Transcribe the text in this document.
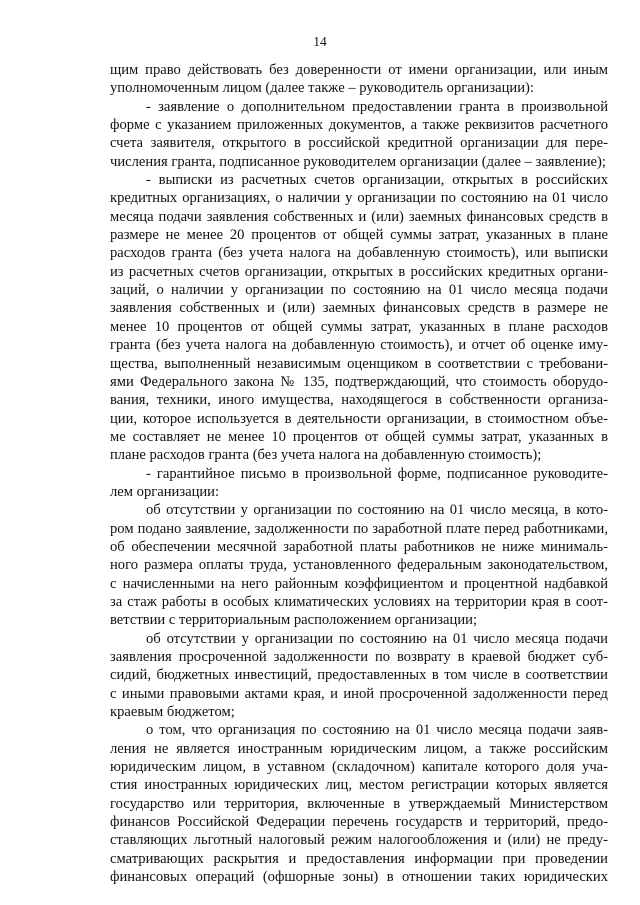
14
щим право действовать без доверенности от имени организации, или иным
уполномоченным лицом (далее также – руководитель организации):
- заявление о дополнительном предоставлении гранта в произвольной
форме с указанием приложенных документов, а также реквизитов расчетного
счета заявителя, открытого в российской кредитной организации для пере-
числения гранта, подписанное руководителем организации (далее – заявление);
- выписки из расчетных счетов организации, открытых в российских
кредитных организациях, о наличии у организации по состоянию на 01 число
месяца подачи заявления собственных и (или) заемных финансовых средств в
размере не менее 20 процентов от общей суммы затрат, указанных в плане
расходов гранта (без учета налога на добавленную стоимость), или выписки
из расчетных счетов организации, открытых в российских кредитных органи-
заций, о наличии у организации по состоянию на 01 число месяца подачи
заявления собственных и (или) заемных финансовых средств в размере не
менее 10 процентов от общей суммы затрат, указанных в плане расходов
гранта (без учета налога на добавленную стоимость), и отчет об оценке иму-
щества, выполненный независимым оценщиком в соответствии с требовани-
ями Федерального закона № 135, подтверждающий, что стоимость оборудо-
вания, техники, иного имущества, находящегося в собственности организа-
ции, которое используется в деятельности организации, в стоимостном объе-
ме составляет не менее 10 процентов от общей суммы затрат, указанных в
плане расходов гранта (без учета налога на добавленную стоимость);
- гарантийное письмо в произвольной форме, подписанное руководите-
лем организации:
об отсутствии у организации по состоянию на 01 число месяца, в кото-
ром подано заявление, задолженности по заработной плате перед работниками,
об обеспечении месячной заработной платы работников не ниже минималь-
ного размера оплаты труда, установленного федеральным законодательством,
с начисленными на него районным коэффициентом и процентной надбавкой
за стаж работы в особых климатических условиях на территории края в соот-
ветствии с территориальным расположением организации;
об отсутствии у организации по состоянию на 01 число месяца подачи
заявления просроченной задолженности по возврату в краевой бюджет суб-
сидий, бюджетных инвестиций, предоставленных в том числе в соответствии
с иными правовыми актами края, и иной просроченной задолженности перед
краевым бюджетом;
о том, что организация по состоянию на 01 число месяца подачи заяв-
ления не является иностранным юридическим лицом, а также российским
юридическим лицом, в уставном (складочном) капитале которого доля уча-
стия иностранных юридических лиц, местом регистрации которых является
государство или территория, включенные в утверждаемый Министерством
финансов Российской Федерации перечень государств и территорий, предо-
ставляющих льготный налоговый режим налогообложения и (или) не преду-
сматривающих раскрытия и предоставления информации при проведении
финансовых операций (офшорные зоны) в отношении таких юридических
